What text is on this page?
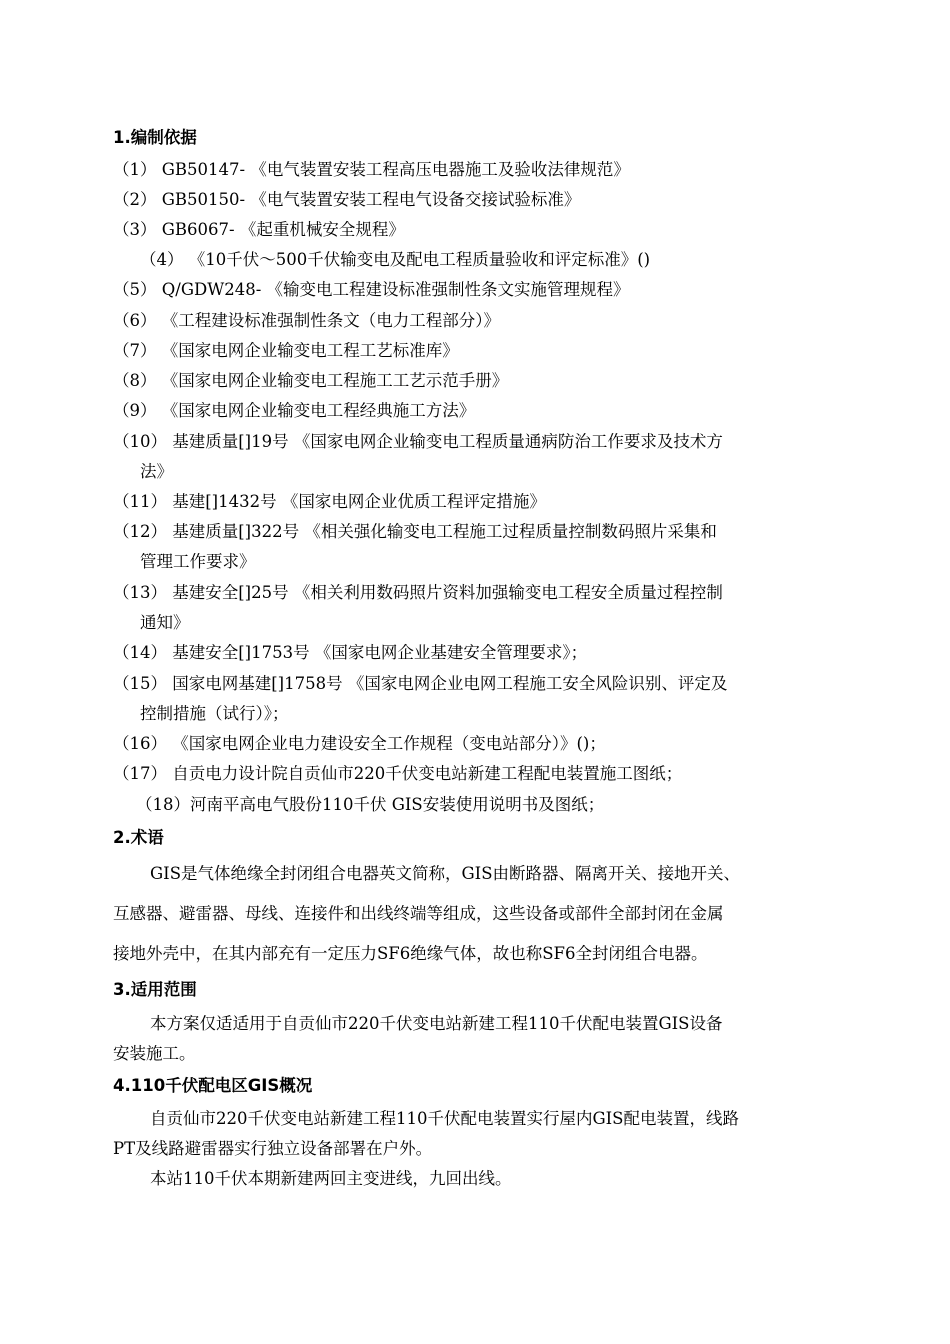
1.编制依据
（1） GB50147- 《电气装置安装工程高压电器施工及验收法律规范》
（2） GB50150- 《电气装置安装工程电气设备交接试验标准》
（3） GB6067- 《起重机械安全规程》
（4） 《10千伏～500千伏输变电及配电工程质量验收和评定标准》()
（5） Q/GDW248- 《输变电工程建设标准强制性条文实施管理规程》
（6） 《工程建设标准强制性条文（电力工程部分）》
（7） 《国家电网企业输变电工程工艺标准库》
（8） 《国家电网企业输变电工程施工工艺示范手册》
（9） 《国家电网企业输变电工程经典施工方法》
（10） 基建质量[]19号 《国家电网企业输变电工程质量通病防治工作要求及技术方
法》
（11） 基建[]1432号 《国家电网企业优质工程评定措施》
（12） 基建质量[]322号 《相关强化输变电工程施工过程质量控制数码照片采集和
管理工作要求》
（13） 基建安全[]25号 《相关利用数码照片资料加强输变电工程安全质量过程控制
通知》
（14） 基建安全[]1753号 《国家电网企业基建安全管理要求》；
（15） 国家电网基建[]1758号 《国家电网企业电网工程施工安全风险识别、评定及
控制措施（试行）》；
（16） 《国家电网企业电力建设安全工作规程（变电站部分）》()；
（17） 自贡电力设计院自贡仙市220千伏变电站新建工程配电装置施工图纸；
（18）河南平高电气股份110千伏 GIS安装使用说明书及图纸；
2.术语
GIS是气体绝缘全封闭组合电器英文简称，GIS由断路器、隔离开关、接地开关、
互感器、避雷器、母线、连接件和出线终端等组成，这些设备或部件全部封闭在金属
接地外壳中，在其内部充有一定压力SF6绝缘气体，故也称SF6全封闭组合电器。
3.适用范围
本方案仅适适用于自贡仙市220千伏变电站新建工程110千伏配电装置GIS设备
安装施工。
4.110千伏配电区GIS概况
自贡仙市220千伏变电站新建工程110千伏配电装置实行屋内GIS配电装置，线路
PT及线路避雷器实行独立设备部署在户外。
本站110千伏本期新建两回主变进线，九回出线。
